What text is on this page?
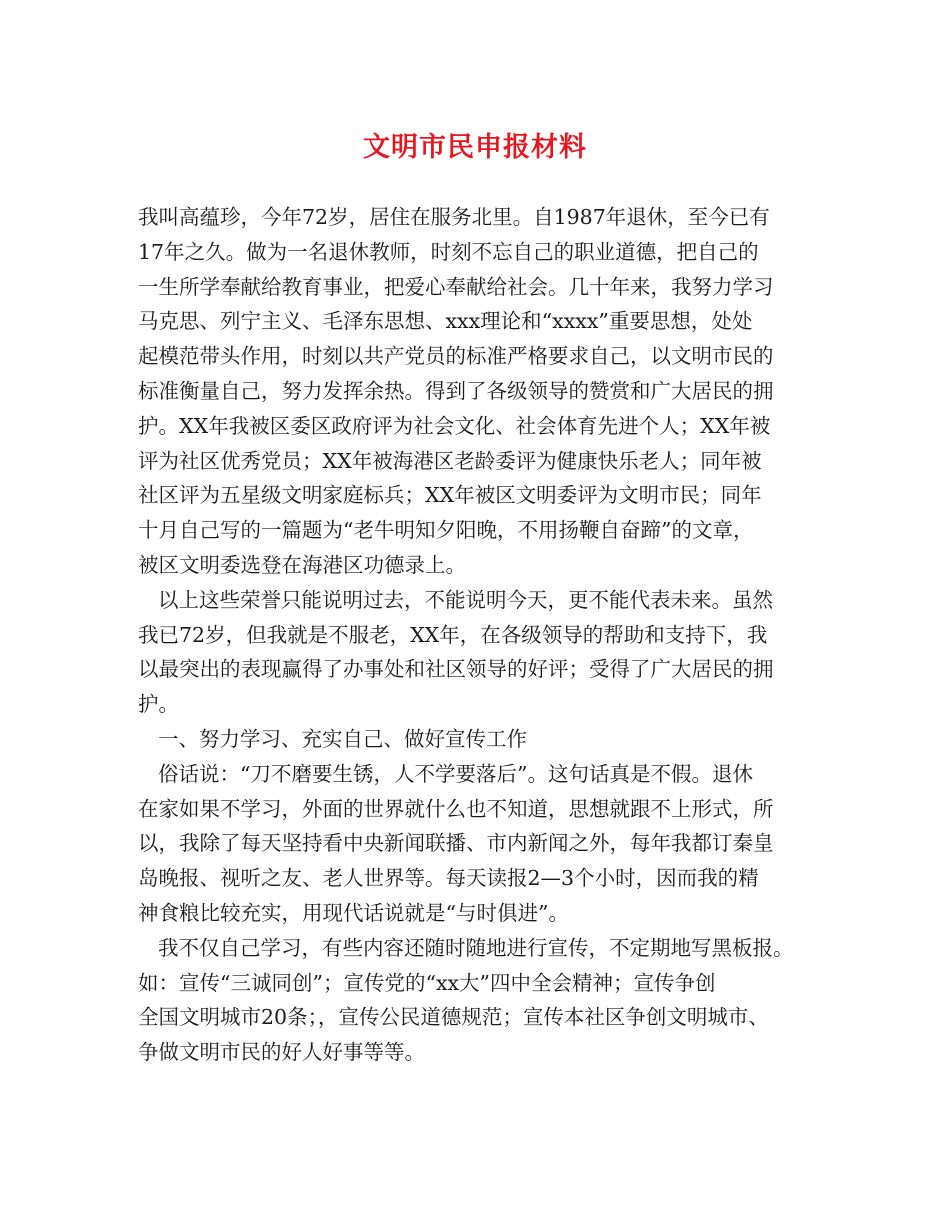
文明市民申报材料
我叫高蕴珍，今年72岁，居住在服务北里。自1987年退休，至今已有
17年之久。做为一名退休教师，时刻不忘自己的职业道德，把自己的
一生所学奉献给教育事业，把爱心奉献给社会。几十年来，我努力学习
马克思、列宁主义、毛泽东思想、xxx理论和“xxxx”重要思想，处处
起模范带头作用，时刻以共产党员的标准严格要求自己，以文明市民的
标准衡量自己，努力发挥余热。得到了各级领导的赞赏和广大居民的拥
护。XX年我被区委区政府评为社会文化、社会体育先进个人；XX年被
评为社区优秀党员；XX年被海港区老龄委评为健康快乐老人；同年被
社区评为五星级文明家庭标兵；XX年被区文明委评为文明市民；同年
十月自己写的一篇题为“老牛明知夕阳晚，不用扬鞭自奋蹄”的文章，
被区文明委选登在海港区功德录上。
以上这些荣誉只能说明过去，不能说明今天，更不能代表未来。虽然
我已72岁，但我就是不服老，XX年，在各级领导的帮助和支持下，我
以最突出的表现赢得了办事处和社区领导的好评；受得了广大居民的拥
护。
一、努力学习、充实自己、做好宣传工作
俗话说：“刀不磨要生锈，人不学要落后”。这句话真是不假。退休
在家如果不学习，外面的世界就什么也不知道，思想就跟不上形式，所
以，我除了每天坚持看中央新闻联播、市内新闻之外，每年我都订秦皇
岛晚报、视听之友、老人世界等。每天读报2—3个小时，因而我的精
神食粮比较充实，用现代话说就是“与时俱进”。
我不仅自己学习，有些内容还随时随地进行宣传，不定期地写黑板报。
如：宣传“三诚同创”；宣传党的“xx大”四中全会精神；宣传争创
全国文明城市20条；，宣传公民道德规范；宣传本社区争创文明城市、
争做文明市民的好人好事等等。
